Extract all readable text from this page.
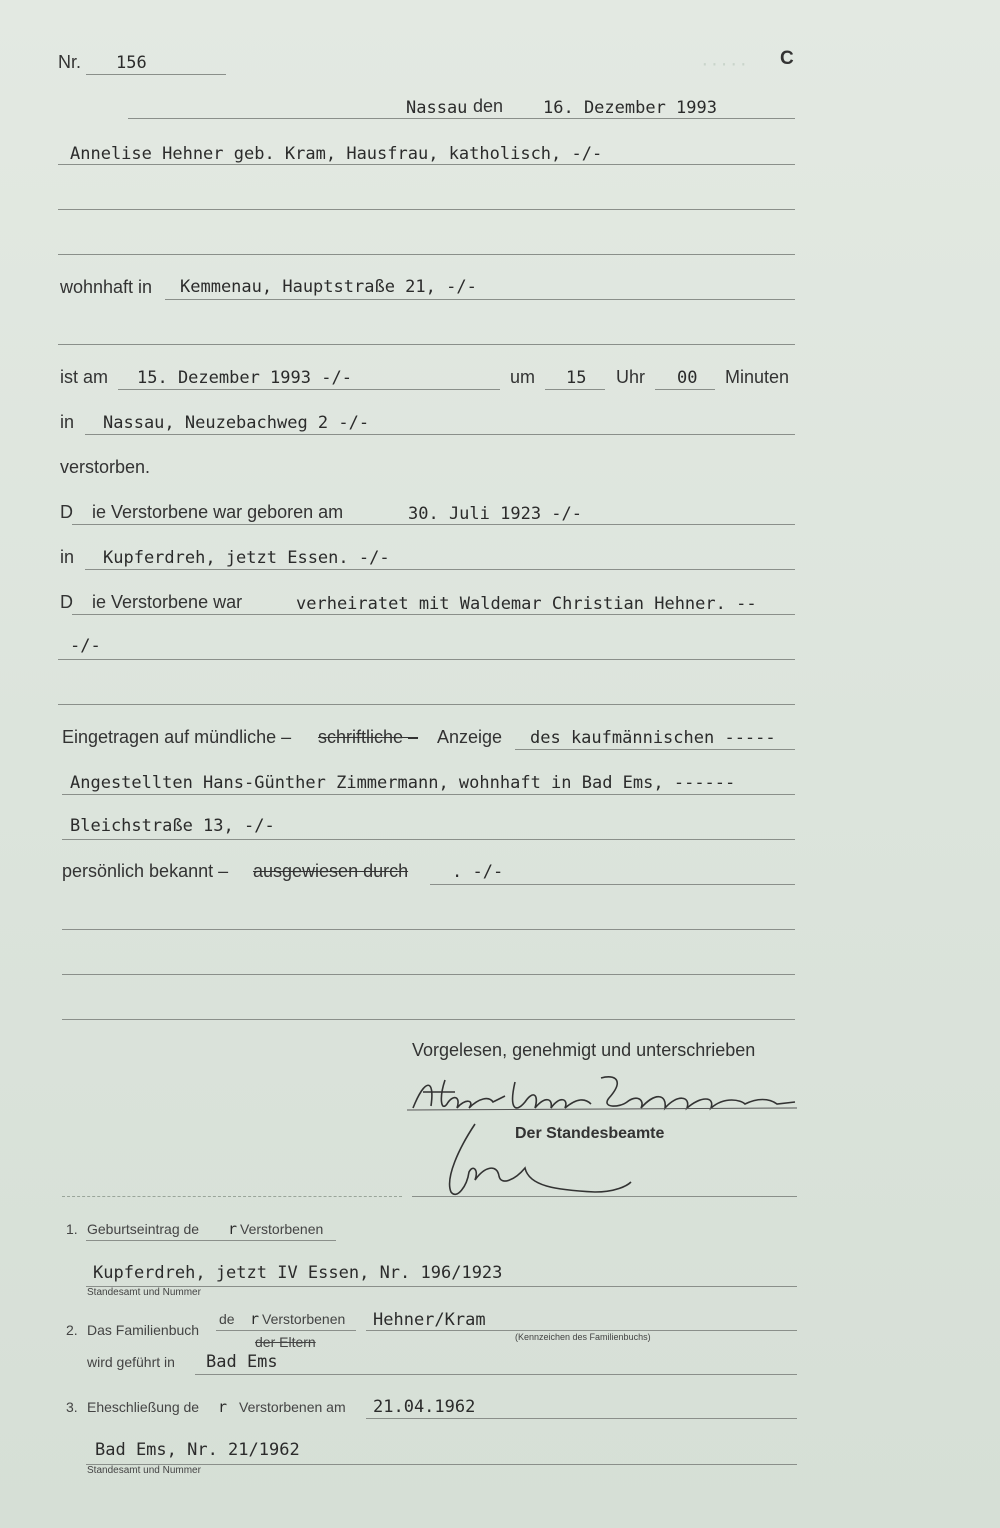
·····
Nr. 156	C
Nassau den 16. Dezember 1993
Annelise Hehner geb. Kram, Hausfrau, katholisch, -/-
wohnhaft in Kemmenau, Hauptstraße 21, -/-
ist am 15. Dezember 1993 -/-	um 15 Uhr 00 Minuten
in Nassau, Neuzebachweg 2 -/-
verstorben.
D ie Verstorbene war geboren am	30. Juli 1923 -/-
in Kupferdreh, jetzt Essen. -/-
D ie Verstorbene war	verheiratet mit Waldemar Christian Hehner. --
-/-
Eingetragen auf mündliche – schriftliche – Anzeige des kaufmännischen -----
Angestellten Hans-Günther Zimmermann, wohnhaft in Bad Ems, ------
Bleichstraße 13, -/-
persönlich bekannt – ausgewiesen durch	. -/-
Vorgelesen, genehmigt und unterschrieben
Der Standesbeamte
1. Geburtseintrag de r Verstorbenen
Kupferdreh, jetzt IV Essen, Nr. 196/1923
Standesamt und Nummer
2. Das Familienbuch
de r Verstorbenen
der Eltern
Hehner/Kram
(Kennzeichen des Familienbuchs)
wird geführt in Bad Ems
3. Eheschließung de r Verstorbenen am 21.04.1962
Bad Ems, Nr. 21/1962
Standesamt und Nummer
